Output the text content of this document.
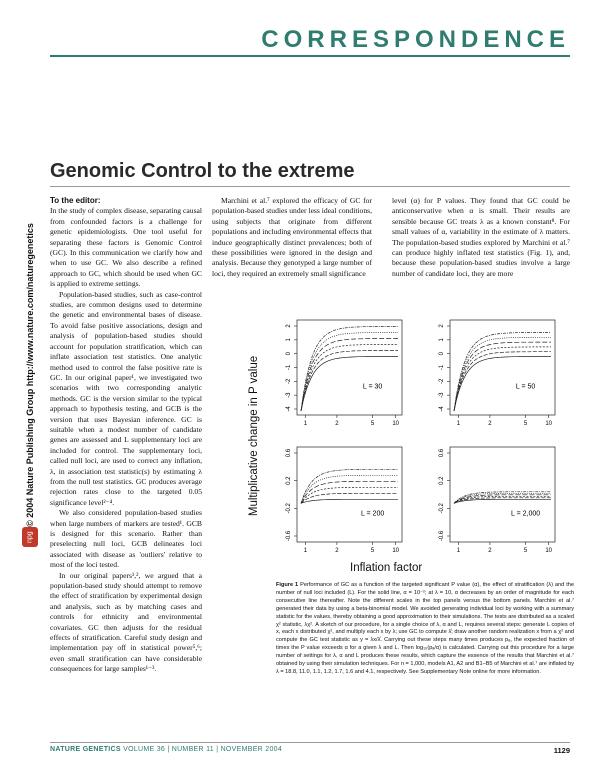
CORRESPONDENCE
© 2004 Nature Publishing Group http://www.nature.com/naturegenetics
npg
Genomic Control to the extreme

To the editor:

In the study of complex disease, separating causal from confounded factors is a challenge for genetic epidemiologists. One tool useful for separating these factors is Genomic Control (GC). In this communication we clarify how and when to use GC. We also describe a refined approach to GC, which should be used when GC is applied to extreme settings.

Population-based studies, such as case-control studies, are common designs used to determine the genetic and environmental bases of disease. To avoid false positive associations, design and analysis of population-based studies should account for population stratification, which can inflate association test statistics. One analytic method used to control the false positive rate is GC. In our original paper¹, we investigated two scenarios with two corresponding analytic methods. GC is the version similar to the typical approach to hypothesis testing, and GCB is the version that uses Bayesian inference. GC is suitable when a modest number of candidate genes are assessed and L supplementary loci are included for control. The supplementary loci, called null loci, are used to correct any inflation, λ, in association test statistic(s) by estimating λ from the null test statistics. GC produces average rejection rates close to the targeted 0.05 significance level²⁻⁴.

We also considered population-based studies when large numbers of markers are tested¹. GCB is designed for this scenario. Rather than preselecting null loci, GCB delineates loci associated with disease as 'outliers' relative to most of the loci tested.

In our original papers¹,², we argued that a population-based study should attempt to remove the effect of stratification by experimental design and analysis, such as by matching cases and controls for ethnicity and environmental covariates. GC then adjusts for the residual effects of stratification. Careful study design and implementation pay off in statistical power⁵,⁶; even small stratification can have considerable consequences for large samples¹⁻³.

Marchini et al.⁷ explored the efficacy of GC for population-based studies under less ideal conditions, using subjects that originate from different populations and including environmental effects that induce geographically distinct prevalences; both of these possibilities were ignored in the design and analysis. Because they genotyped a large number of loci, they required an extremely small significance

level (α) for P values. They found that GC could be anticonservative when α is small. Their results are sensible because GC treats λ as a known constant⁸. For small values of α, variability in the estimate of λ matters. The population-based studies explored by Marchini et al.⁷ can produce highly inflated test statistics (Fig. 1), and, because these population-based studies involve a large number of candidate loci, they are more

-4
-3
-2
-1
0
1
2
1	2	5	10
L = 30
-4
-3
-2
-1
0
1
2
1	2	5	10
L = 50
-0.6
-0.2
0.2
0.6
1	2	5	10
L = 200
-0.6
-0.2
0.2
0.6
1	2	5	10
L = 2,000
Multiplicative change in P value
Inflation factor
Figure 1 Performance of GC as a function of the targeted significant P value (α), the effect of stratification (λ) and the number of null loci included (L). For the solid line, α = 10⁻²; at λ = 10, α decreases by an order of magnitude for each consecutive line thereafter. Note the different scales in the top panels versus the bottom panels. Marchini et al.⁷ generated their data by using a beta-binomial model. We avoided generating individual loci by working with a summary statistic for the values, thereby obtaining a good approximation to their simulations. The tests are distributed as a scaled χ² statistic, λχ². A sketch of our procedure, for a single choice of λ, α and L, requires several steps: generate L copies of x, each x distributed χ², and multiply each x by λ; use GC to compute λ̂; draw another random realization x from a χ² and compute the GC test statistic as y = λx/λ̂. Carrying out these steps many times produces pₐ, the expected fraction of times the P value exceeds α for a given λ and L. Then log₁₀(pₐ/α) is calculated. Carrying out this procedure for a large number of settings for λ, α and L produces these results, which capture the essence of the results that Marchini et al.⁷ obtained by using their simulation techniques. For n = 1,000, models A1, A2 and B1–B5 of Marchini et al.⁷ are inflated by λ = 18.8, 11.0, 1.1, 1.2, 1.7, 1.6 and 4.1, respectively. See Supplementary Note online for more information.
NATURE GENETICS VOLUME 36 | NUMBER 11 | NOVEMBER 2004	1129
